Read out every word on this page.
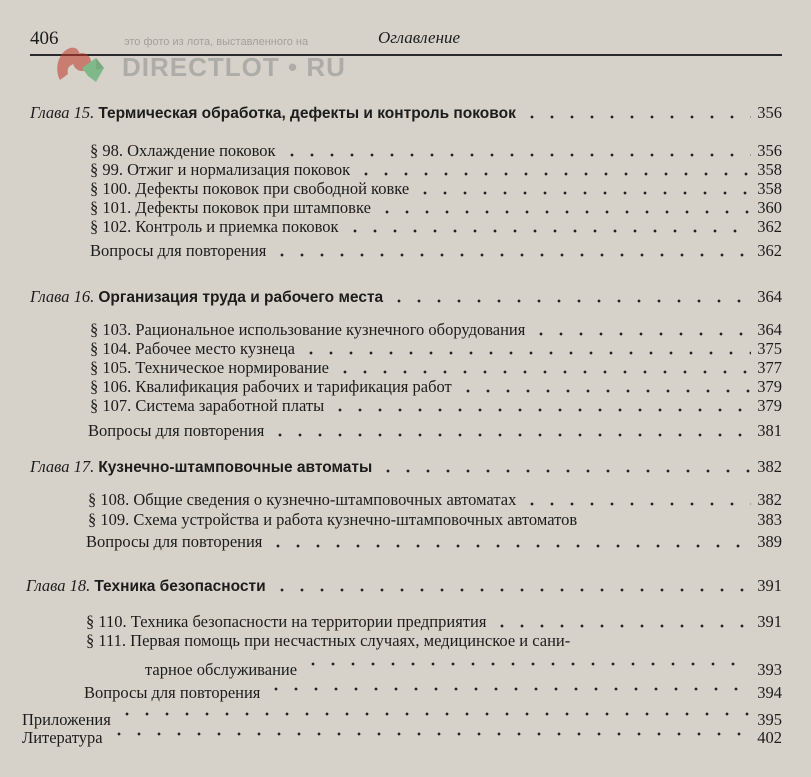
406	Оглавление
это фото из лота, выставленного на
DIRECTLOT • RU
Глава 15. Термическая обработка, дефекты и контроль поковок	356
§ 98. Охлаждение поковок	356
§ 99. Отжиг и нормализация поковок	358
§ 100. Дефекты поковок при свободной ковке	358
§ 101. Дефекты поковок при штамповке	360
§ 102. Контроль и приемка поковок	362
Вопросы для повторения	362
Глава 16. Организация труда и рабочего места	364
§ 103. Рациональное использование кузнечного оборудования	364
§ 104. Рабочее место кузнеца	375
§ 105. Техническое нормирование	377
§ 106. Квалификация рабочих и тарификация работ	379
§ 107. Система заработной платы	379
Вопросы для повторения	381
Глава 17. Кузнечно-штамповочные автоматы	382
§ 108. Общие сведения о кузнечно-штамповочных автоматах	382
§ 109. Схема устройства и работа кузнечно-штамповочных автоматов	383
Вопросы для повторения	389
Глава 18. Техника безопасности	391
§ 110. Техника безопасности на территории предприятия	391
§ 111. Первая помощь при несчастных случаях, медицинское и сани-
тарное обслуживание	393
Вопросы для повторения	394
Приложения	395
Литература	402
